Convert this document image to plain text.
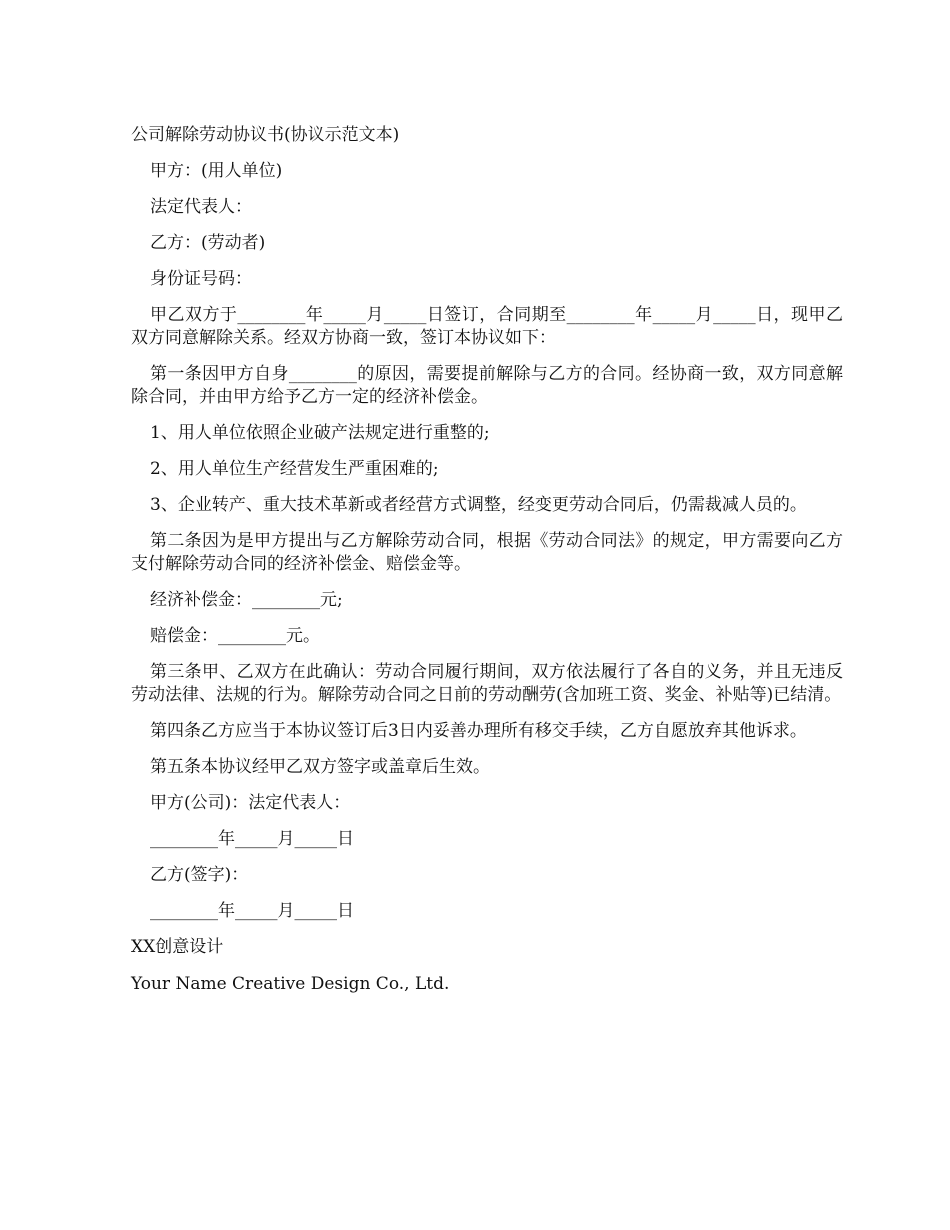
公司解除劳动协议书(协议示范文本)

甲方：(用人单位)

法定代表人：

乙方：(劳动者)

身份证号码：

甲乙双方于________年_____月_____日签订，合同期至________年_____月_____日，现甲乙双方同意解除关系。经双方协商一致，签订本协议如下：

第一条因甲方自身________的原因，需要提前解除与乙方的合同。经协商一致，双方同意解除合同，并由甲方给予乙方一定的经济补偿金。

1、用人单位依照企业破产法规定进行重整的;

2、用人单位生产经营发生严重困难的;

3、企业转产、重大技术革新或者经营方式调整，经变更劳动合同后，仍需裁减人员的。

第二条因为是甲方提出与乙方解除劳动合同，根据《劳动合同法》的规定，甲方需要向乙方支付解除劳动合同的经济补偿金、赔偿金等。

经济补偿金：________元;

赔偿金：________元。

第三条甲、乙双方在此确认：劳动合同履行期间，双方依法履行了各自的义务，并且无违反劳动法律、法规的行为。解除劳动合同之日前的劳动酬劳(含加班工资、奖金、补贴等)已结清。

第四条乙方应当于本协议签订后3日内妥善办理所有移交手续，乙方自愿放弃其他诉求。

第五条本协议经甲乙双方签字或盖章后生效。

甲方(公司)：法定代表人：

________年_____月_____日

乙方(签字)：

________年_____月_____日

XX创意设计

Your Name Creative Design Co., Ltd.
